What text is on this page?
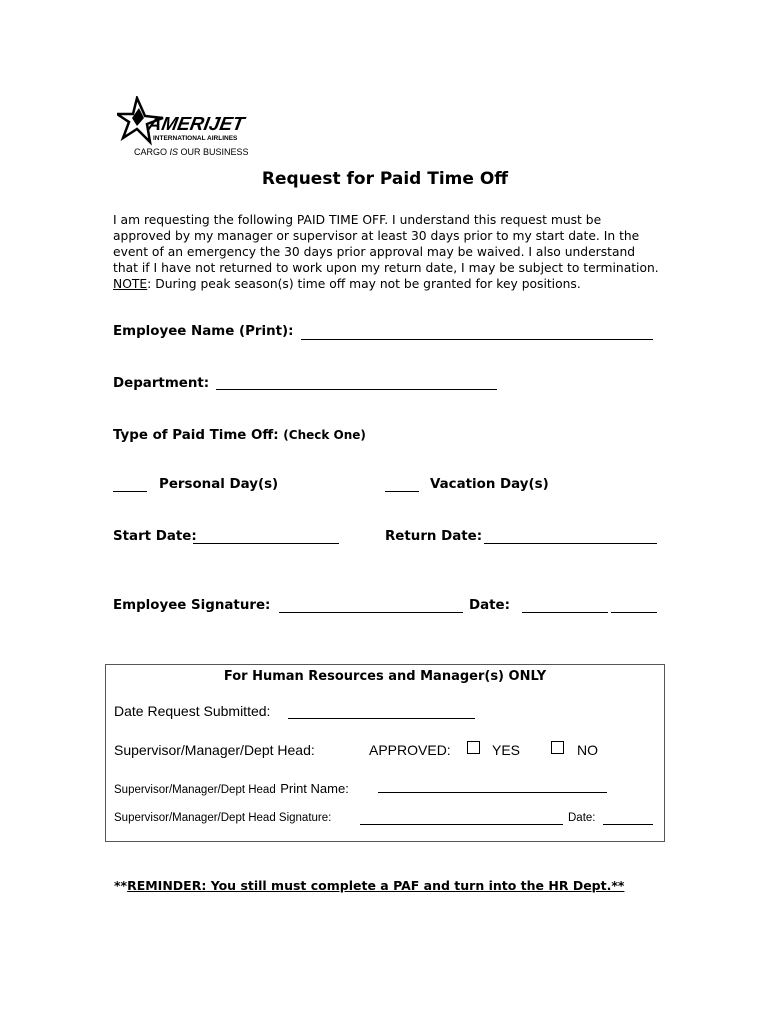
AMERIJET
INTERNATIONAL AIRLINES
CARGO IS OUR BUSINESS
Request for Paid Time Off
I am requesting the following PAID TIME OFF. I understand this request must be approved by my manager or supervisor at least 30 days prior to my start date. In the event of an emergency the 30 days prior approval may be waived. I also understand that if I have not returned to work upon my return date, I may be subject to termination. NOTE: During peak season(s) time off may not be granted for key positions.
Employee Name (Print):
Department:
Type of Paid Time Off: (Check One)
Personal Day(s)	Vacation Day(s)
Start Date:	Return Date:
Employee Signature:	Date:
For Human Resources and Manager(s) ONLY
Date Request Submitted:
Supervisor/Manager/Dept Head:	APPROVED:	YES	NO
Supervisor/Manager/Dept Head Print Name:
Supervisor/Manager/Dept Head Signature:	Date:
**REMINDER: You still must complete a PAF and turn into the HR Dept.**
